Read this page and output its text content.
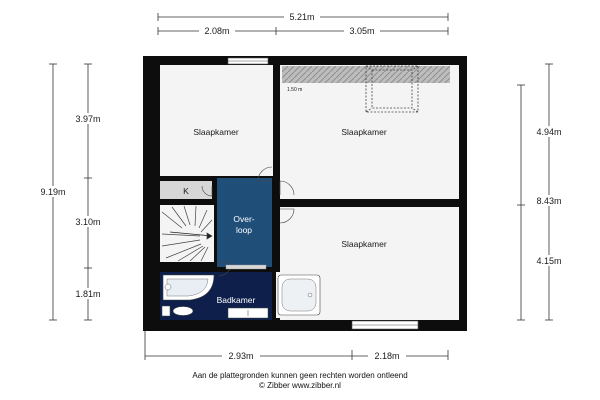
5.21m
2.08m	3.05m
9.19m
3.97m
3.10m
1.81m
8.43m
4.94m
4.15m
2.93m	2.18m
Slaapkamer	Slaapkamer
Slaapkamer
K
Over-
loop
Badkamer
1.50 m
Aan de plattegronden kunnen geen rechten worden ontleend
© Zibber www.zibber.nl
